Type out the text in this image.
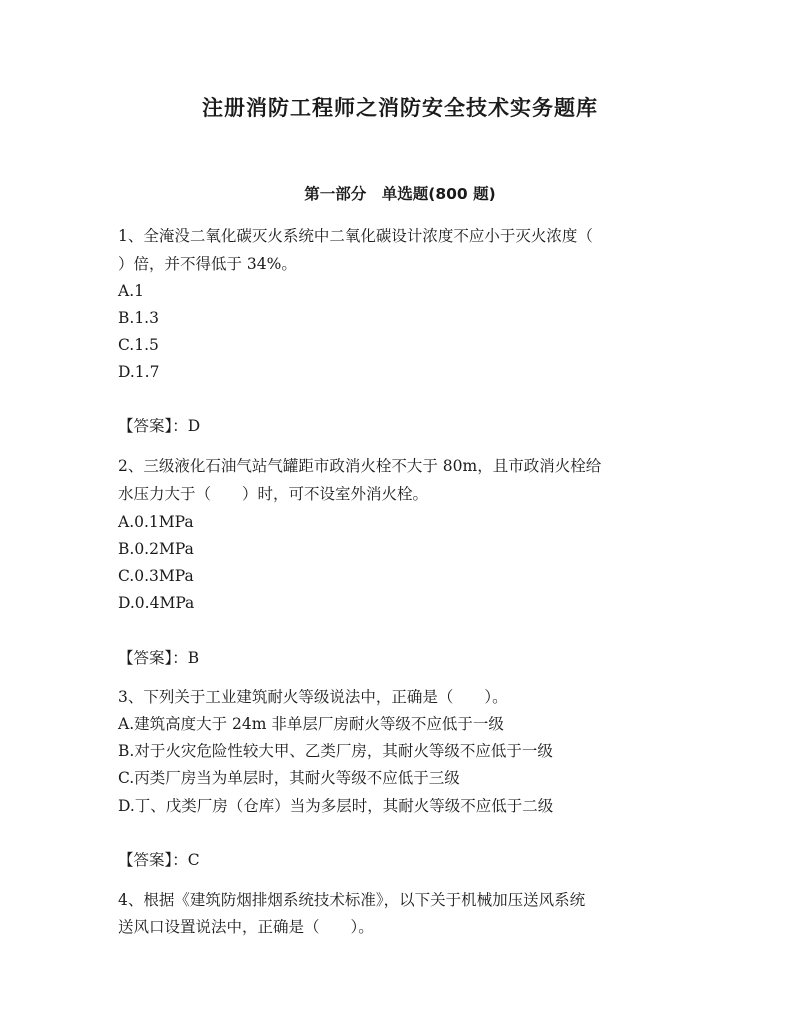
注册消防工程师之消防安全技术实务题库
第一部分　单选题(800 题)
1、全淹没二氧化碳灭火系统中二氧化碳设计浓度不应小于灭火浓度（
）倍，并不得低于 34%。
A.1
B.1.3
C.1.5
D.1.7
【答案】：D
2、三级液化石油气站气罐距市政消火栓不大于 80m，且市政消火栓给
水压力大于（　　）时，可不设室外消火栓。
A.0.1MPa
B.0.2MPa
C.0.3MPa
D.0.4MPa
【答案】：B
3、下列关于工业建筑耐火等级说法中，正确是（　　）。
A.建筑高度大于 24m 非单层厂房耐火等级不应低于一级
B.对于火灾危险性较大甲、乙类厂房，其耐火等级不应低于一级
C.丙类厂房当为单层时，其耐火等级不应低于三级
D.丁、戊类厂房（仓库）当为多层时，其耐火等级不应低于二级
【答案】：C
4、根据《建筑防烟排烟系统技术标准》，以下关于机械加压送风系统
送风口设置说法中，正确是（　　）。
